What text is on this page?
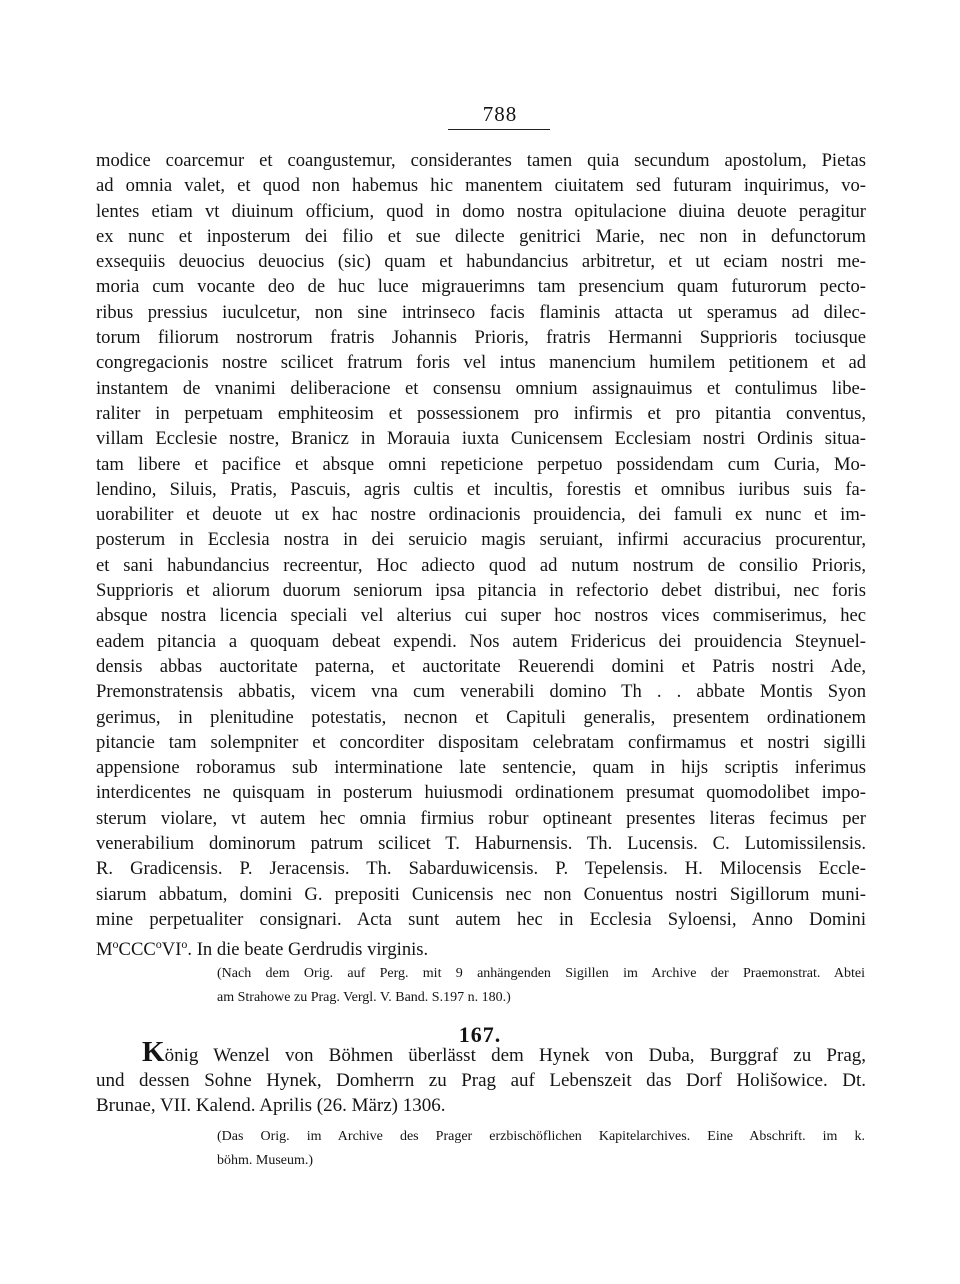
788
modice coarcemur et coangustemur, considerantes tamen quia secundum apostolum, Pietas
ad omnia valet, et quod non habemus hic manentem ciuitatem sed futuram inquirimus, vo-
lentes etiam vt diuinum officium, quod in domo nostra opitulacione diuina deuote peragitur
ex nunc et inposterum dei filio et sue dilecte genitrici Marie, nec non in defunctorum
exsequiis deuocius deuocius (sic) quam et habundancius arbitretur, et ut eciam nostri me-
moria cum vocante deo de huc luce migrauerimns tam presencium quam futurorum pecto-
ribus pressius iuculcetur, non sine intrinseco facis flaminis attacta ut speramus ad dilec-
torum filiorum nostrorum fratris Johannis Prioris, fratris Hermanni Supprioris tociusque
congregacionis nostre scilicet fratrum foris vel intus manencium humilem petitionem et ad
instantem de vnanimi deliberacione et consensu omnium assignauimus et contulimus libe-
raliter in perpetuam emphiteosim et possessionem pro infirmis et pro pitantia conventus,
villam Ecclesie nostre, Branicz in Morauia iuxta Cunicensem Ecclesiam nostri Ordinis situa-
tam libere et pacifice et absque omni repeticione perpetuo possidendam cum Curia, Mo-
lendino, Siluis, Pratis, Pascuis, agris cultis et incultis, forestis et omnibus iuribus suis fa-
uorabiliter et deuote ut ex hac nostre ordinacionis prouidencia, dei famuli ex nunc et im-
posterum in Ecclesia nostra in dei seruicio magis seruiant, infirmi accuracius procurentur,
et sani habundancius recreentur, Hoc adiecto quod ad nutum nostrum de consilio Prioris,
Supprioris et aliorum duorum seniorum ipsa pitancia in refectorio debet distribui, nec foris
absque nostra licencia speciali vel alterius cui super hoc nostros vices commiserimus, hec
eadem pitancia a quoquam debeat expendi. Nos autem Fridericus dei prouidencia Steynuel-
densis abbas auctoritate paterna, et auctoritate Reuerendi domini et Patris nostri Ade,
Premonstratensis abbatis, vicem vna cum venerabili domino Th . . abbate Montis Syon
gerimus, in plenitudine potestatis, necnon et Capituli generalis, presentem ordinationem
pitancie tam solempniter et concorditer dispositam celebratam confirmamus et nostri sigilli
appensione roboramus sub interminatione late sentencie, quam in hijs scriptis inferimus
interdicentes ne quisquam in posterum huiusmodi ordinationem presumat quomodolibet impo-
sterum violare, vt autem hec omnia firmius robur optineant presentes literas fecimus per
venerabilium dominorum patrum scilicet T. Haburnensis. Th. Lucensis. C. Lutomissilensis.
R. Gradicensis. P. Jeracensis. Th. Sabarduwicensis. P. Tepelensis. H. Milocensis Eccle-
siarum abbatum, domini G. prepositi Cunicensis nec non Conuentus nostri Sigillorum muni-
mine perpetualiter consignari. Acta sunt autem hec in Ecclesia Syloensi, Anno Domini
$M^oCCC^oVI^o$. In die beate Gerdrudis virginis.
(Nach dem Orig. auf Perg. mit 9 anhängenden Sigillen im Archive der Praemonstrat. Abtei
am Strahowe zu Prag. Vergl. V. Band. S.197 n. 180.)
167.
König Wenzel von Böhmen überlässt dem Hynek von Duba, Burggraf zu Prag,
und dessen Sohne Hynek, Domherrn zu Prag auf Lebenszeit das Dorf Holišowice. Dt.
Brunae, VII. Kalend. Aprilis (26. März) 1306.
(Das Orig. im Archive des Prager erzbischöflichen Kapitelarchives. Eine Abschrift. im k.
böhm. Museum.)
